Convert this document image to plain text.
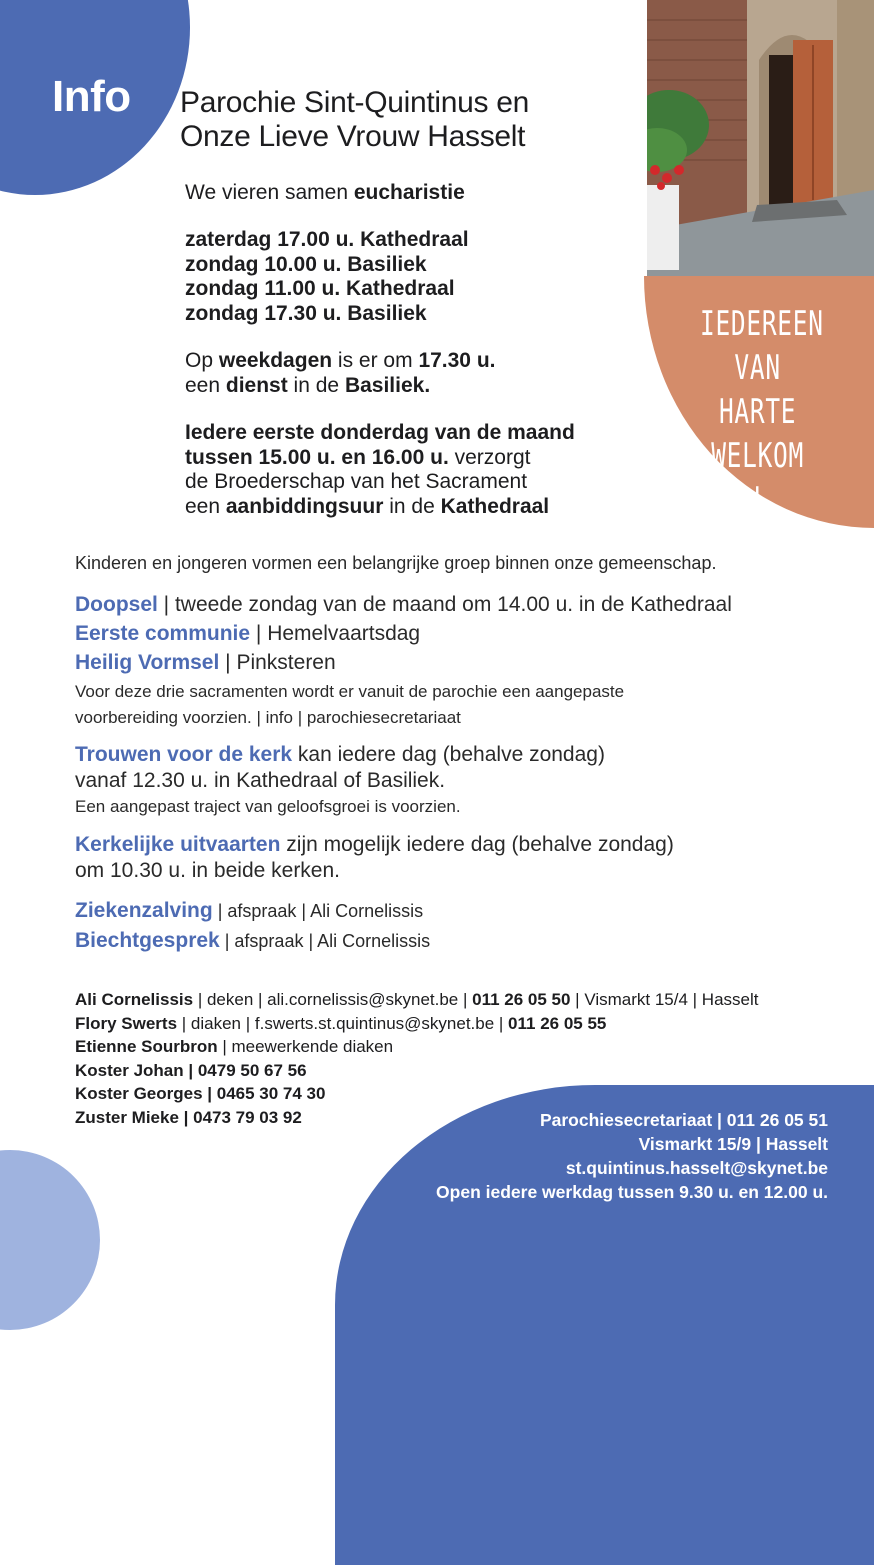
Info Parochie Sint-Quintinus en
Onze Lieve Vrouw Hasselt
IEDEREEN
VAN HARTE
WELKOM !
We vieren samen eucharistie
zaterdag 17.00 u. Kathedraal
zondag 10.00 u. Basiliek
zondag 11.00 u. Kathedraal
zondag 17.30 u. Basiliek
Op weekdagen is er om 17.30 u.
een dienst in de Basiliek.
Iedere eerste donderdag van de maand
tussen 15.00 u. en 16.00 u. verzorgt
de Broederschap van het Sacrament
een aanbiddingsuur in de Kathedraal
Kinderen en jongeren vormen een belangrijke groep binnen onze gemeenschap.
Doopsel | tweede zondag van de maand om 14.00 u. in de Kathedraal
Eerste communie | Hemelvaartsdag
Heilig Vormsel | Pinksteren
Voor deze drie sacramenten wordt er vanuit de parochie een aangepaste
voorbereiding voorzien. | info | parochiesecretariaat
Trouwen voor de kerk kan iedere dag (behalve zondag)
vanaf 12.30 u. in Kathedraal of Basiliek.
Een aangepast traject van geloofsgroei is voorzien.
Kerkelijke uitvaarten zijn mogelijk iedere dag (behalve zondag)
om 10.30 u. in beide kerken.
Ziekenzalving | afspraak | Ali Cornelissis
Biechtgesprek | afspraak | Ali Cornelissis
Ali Cornelissis | deken | ali.cornelissis@skynet.be | 011 26 05 50 | Vismarkt 15/4 | Hasselt
Flory Swerts | diaken | f.swerts.st.quintinus@skynet.be | 011 26 05 55
Etienne Sourbron | meewerkende diaken
Koster Johan | 0479 50 67 56
Koster Georges | 0465 30 74 30
Zuster Mieke | 0473 79 03 92	Parochiesecretariaat | 011 26 05 51
Vismarkt 15/9 | Hasselt
st.quintinus.hasselt@skynet.be
Open iedere werkdag tussen 9.30 u. en 12.00 u.
